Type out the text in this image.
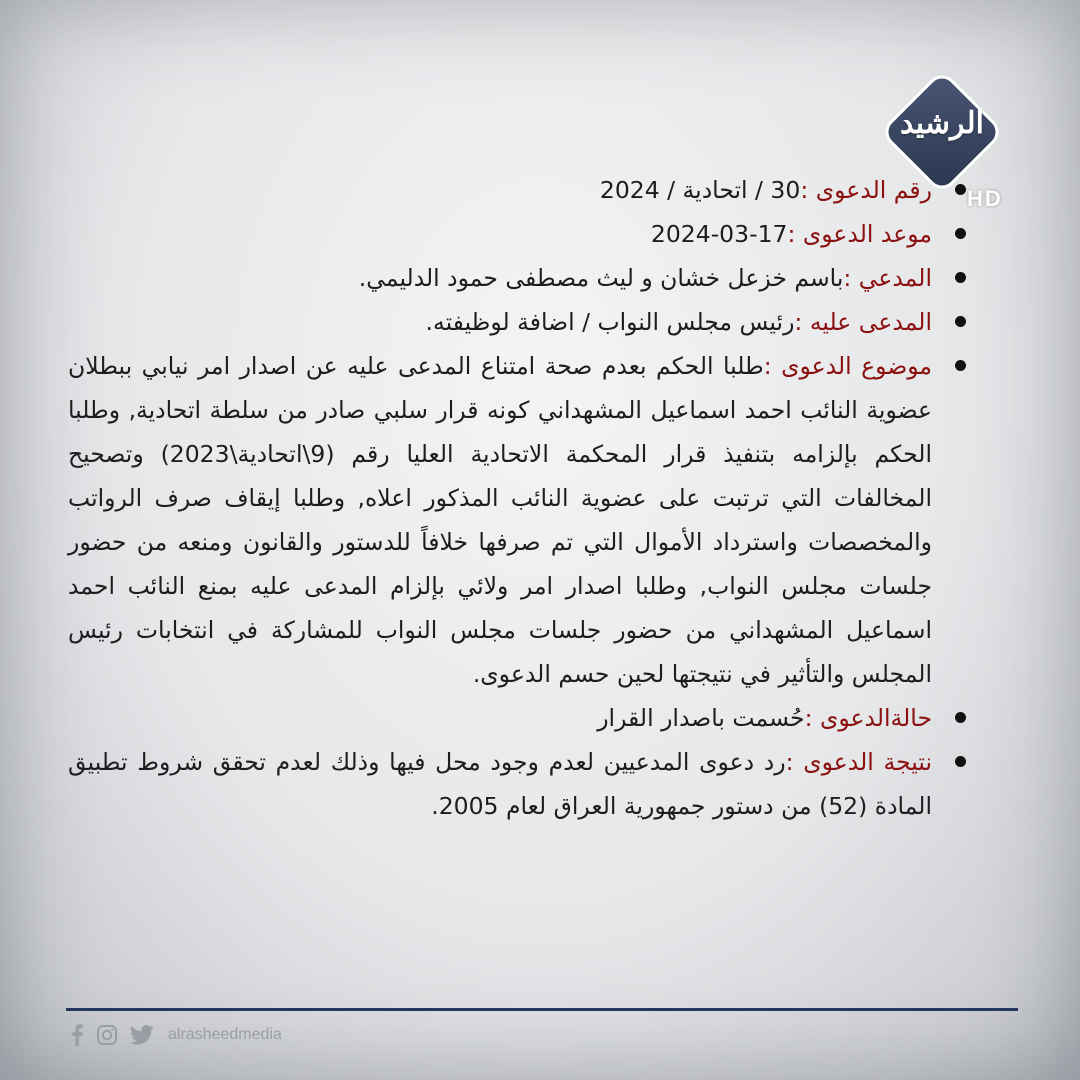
الرشيد
HD
رقم الدعوى :30 / اتحادية / 2024
موعد الدعوى :17-03-2024
المدعي :باسم خزعل خشان و ليث مصطفى حمود الدليمي.
المدعى عليه :رئيس مجلس النواب / اضافة لوظيفته.
موضوع الدعوى :طلبا الحكم بعدم صحة امتناع المدعى عليه عن اصدار امر نيابي ببطلان عضوية النائب احمد اسماعيل المشهداني كونه قرار سلبي صادر من سلطة اتحادية, وطلبا الحكم بإلزامه بتنفيذ قرار المحكمة الاتحادية العليا رقم (9\اتحادية\2023) وتصحيح المخالفات التي ترتبت على عضوية النائب المذكور اعلاه, وطلبا إيقاف صرف الرواتب والمخصصات واسترداد الأموال التي تم صرفها خلافاً للدستور والقانون ومنعه من حضور جلسات مجلس النواب, وطلبا اصدار امر ولائي بإلزام المدعى عليه بمنع النائب احمد اسماعيل المشهداني من حضور جلسات مجلس النواب للمشاركة في انتخابات رئيس المجلس والتأثير في نتيجتها لحين حسم الدعوى.
حالةالدعوى :حُسمت باصدار القرار
نتيجة الدعوى :رد دعوى المدعيين لعدم وجود محل فيها وذلك لعدم تحقق شروط تطبيق المادة (52) من دستور جمهورية العراق لعام 2005.
alrasheedmedia
